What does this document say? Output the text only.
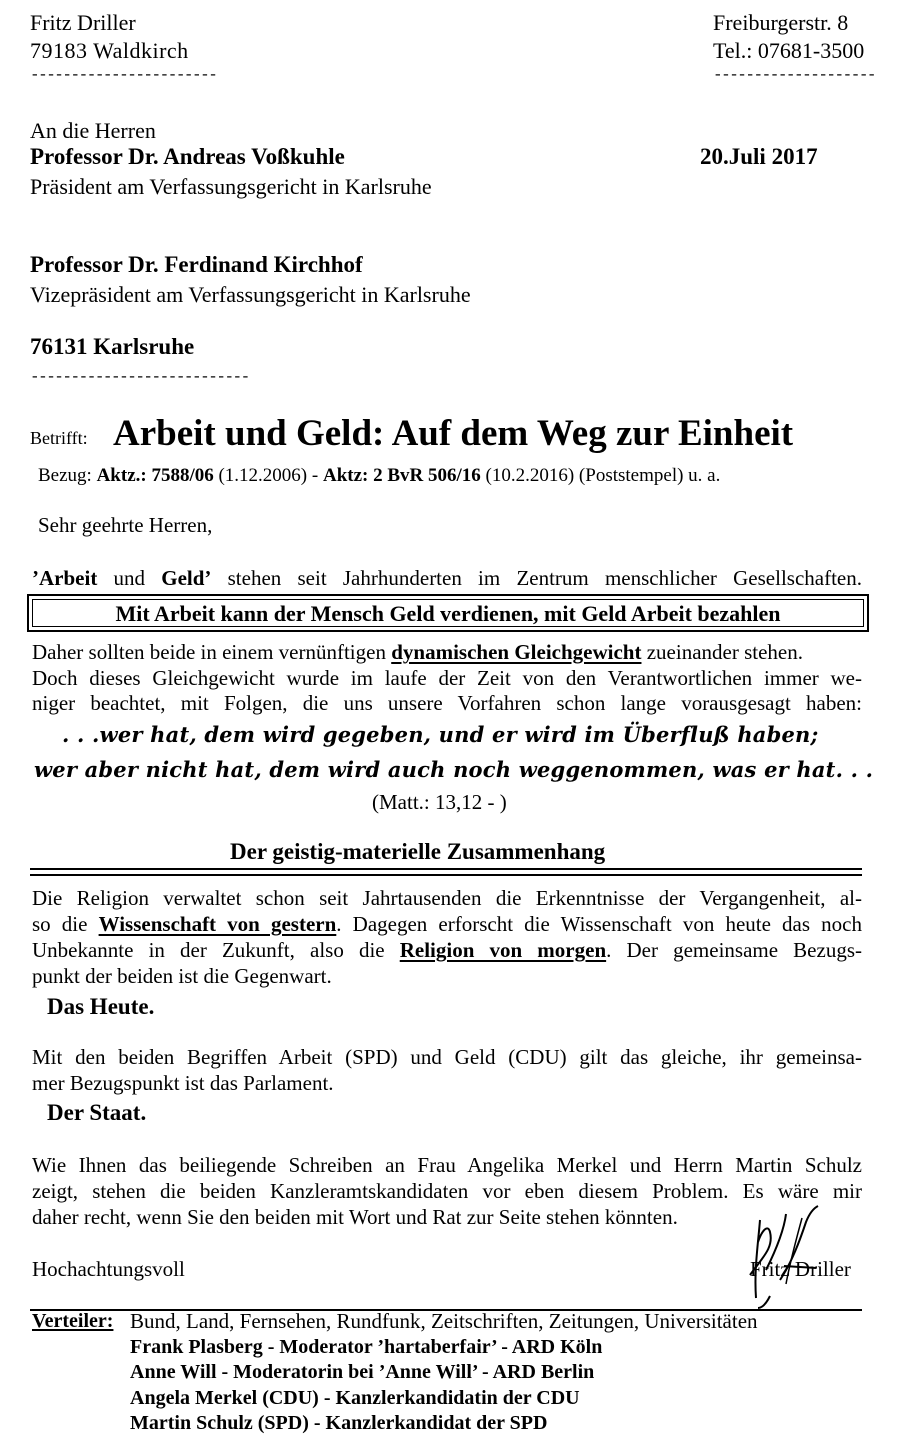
Fritz Driller
79183 Waldkirch
-----------------------
Freiburgerstr. 8
Tel.: 07681-3500
--------------------
An die Herren
Professor Dr. Andreas Voßkuhle	20.Juli 2017
Präsident am Verfassungsgericht in Karlsruhe
Professor Dr. Ferdinand Kirchhof
Vizepräsident am Verfassungsgericht in Karlsruhe
76131 Karlsruhe
---------------------------
Betrifft: Arbeit und Geld: Auf dem Weg zur Einheit
Bezug: Aktz.: 7588/06 (1.12.2006) - Aktz: 2 BvR 506/16 (10.2.2016) (Poststempel) u. a.
Sehr geehrte Herren,
’Arbeit und Geld’ stehen seit Jahrhunderten im Zentrum menschlicher Gesellschaften.
Mit Arbeit kann der Mensch Geld verdienen, mit Geld Arbeit bezahlen
Daher sollten beide in einem vernünftigen dynamischen Gleichgewicht zueinander stehen.
Doch dieses Gleichgewicht wurde im laufe der Zeit von den Verantwortlichen immer we-
niger beachtet, mit Folgen, die uns unsere Vorfahren schon lange vorausgesagt haben:
. . .wer hat, dem wird gegeben, und er wird im Überfluß haben;
wer aber nicht hat, dem wird auch noch weggenommen, was er hat. . .
(Matt.: 13,12 - )
Der geistig-materielle Zusammenhang
Die Religion verwaltet schon seit Jahrtausenden die Erkenntnisse der Vergangenheit, al-
so die Wissenschaft von gestern. Dagegen erforscht die Wissenschaft von heute das noch
Unbekannte in der Zukunft, also die Religion von morgen. Der gemeinsame Bezugs-
punkt der beiden ist die Gegenwart.
Das Heute.
Mit den beiden Begriffen Arbeit (SPD) und Geld (CDU) gilt das gleiche, ihr gemeinsa-
mer Bezugspunkt ist das Parlament.
Der Staat.
Wie Ihnen das beiliegende Schreiben an Frau Angelika Merkel und Herrn Martin Schulz
zeigt, stehen die beiden Kanzleramtskandidaten vor eben diesem Problem. Es wäre mir
daher recht, wenn Sie den beiden mit Wort und Rat zur Seite stehen könnten.
Hochachtungsvoll	Fritz Driller
Verteiler: Bund, Land, Fernsehen, Rundfunk, Zeitschriften, Zeitungen, Universitäten
Frank Plasberg - Moderator ’hartaberfair’ - ARD Köln
Anne Will - Moderatorin bei ’Anne Will’ - ARD Berlin
Angela Merkel (CDU) - Kanzlerkandidatin der CDU
Martin Schulz (SPD) - Kanzlerkandidat der SPD
